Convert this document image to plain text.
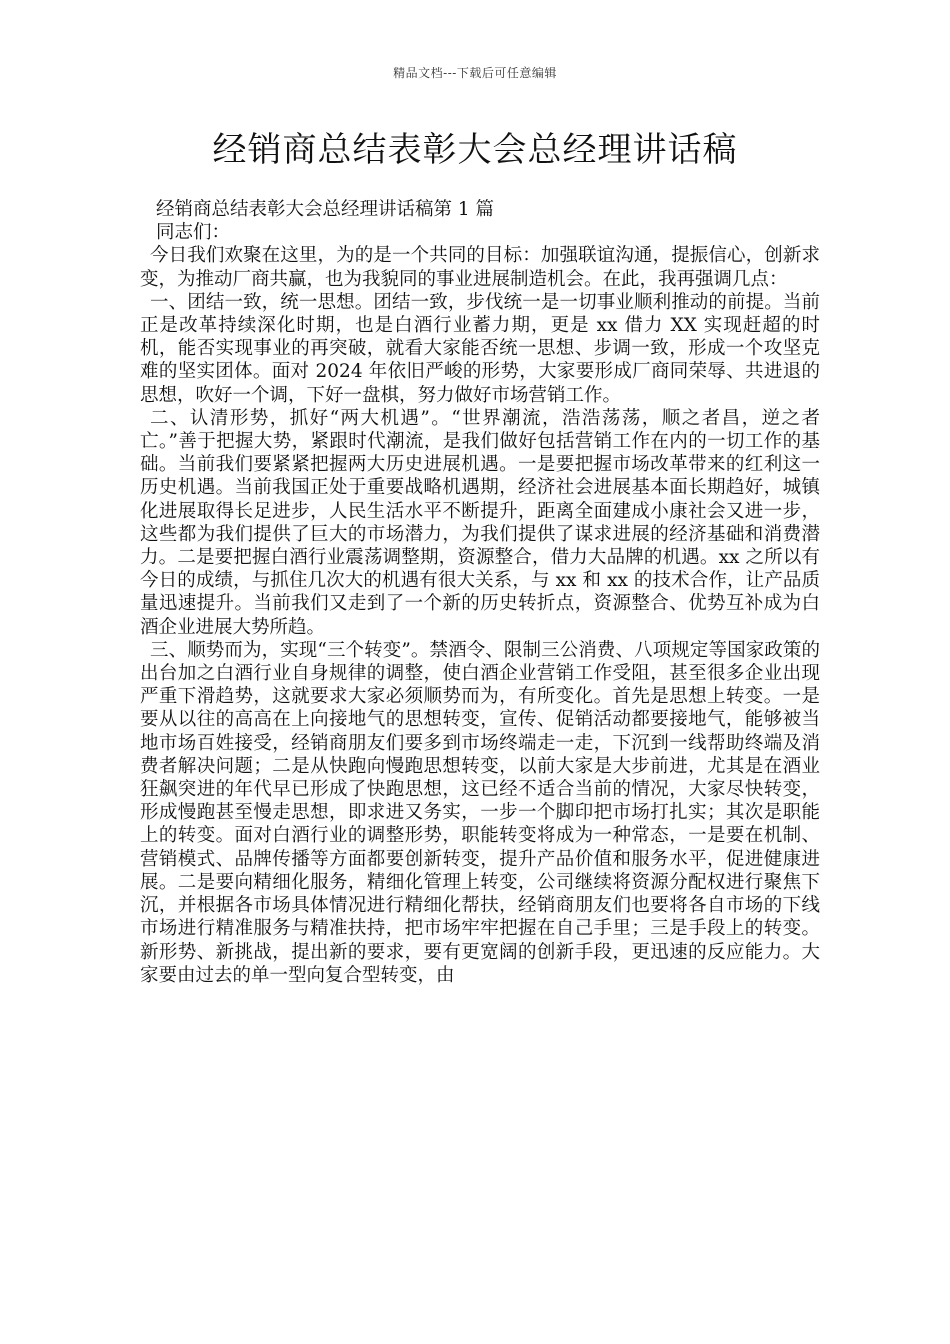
精品文档---下载后可任意编辑
经销商总结表彰大会总经理讲话稿

经销商总结表彰大会总经理讲话稿第 1 篇

同志们：

今日我们欢聚在这里，为的是一个共同的目标：加强联谊沟通，提振信心，创新求变，为推动厂商共赢，也为我貌同的事业进展制造机会。在此，我再强调几点：

一、团结一致，统一思想。团结一致，步伐统一是一切事业顺利推动的前提。当前正是改革持续深化时期，也是白酒行业蓄力期，更是 xx 借力 XX 实现赶超的时机，能否实现事业的再突破，就看大家能否统一思想、步调一致，形成一个攻坚克难的坚实团体。面对 2024 年依旧严峻的形势，大家要形成厂商同荣辱、共进退的思想，吹好一个调，下好一盘棋，努力做好市场营销工作。

二、认清形势，抓好“两大机遇”。“世界潮流，浩浩荡荡，顺之者昌，逆之者亡。”善于把握大势，紧跟时代潮流，是我们做好包括营销工作在内的一切工作的基础。当前我们要紧紧把握两大历史进展机遇。一是要把握市场改革带来的红利这一历史机遇。当前我国正处于重要战略机遇期，经济社会进展基本面长期趋好，城镇化进展取得长足进步，人民生活水平不断提升，距离全面建成小康社会又进一步，这些都为我们提供了巨大的市场潜力，为我们提供了谋求进展的经济基础和消费潜力。二是要把握白酒行业震荡调整期，资源整合，借力大品牌的机遇。xx 之所以有今日的成绩，与抓住几次大的机遇有很大关系，与 xx 和 xx 的技术合作，让产品质量迅速提升。当前我们又走到了一个新的历史转折点，资源整合、优势互补成为白酒企业进展大势所趋。

三、顺势而为，实现“三个转变”。禁酒令、限制三公消费、八项规定等国家政策的出台加之白酒行业自身规律的调整，使白酒企业营销工作受阻，甚至很多企业出现严重下滑趋势，这就要求大家必须顺势而为，有所变化。首先是思想上转变。一是要从以往的高高在上向接地气的思想转变，宣传、促销活动都要接地气，能够被当地市场百姓接受，经销商朋友们要多到市场终端走一走，下沉到一线帮助终端及消费者解决问题；二是从快跑向慢跑思想转变，以前大家是大步前进，尤其是在酒业狂飙突进的年代早已形成了快跑思想，这已经不适合当前的情况，大家尽快转变，形成慢跑甚至慢走思想，即求进又务实，一步一个脚印把市场打扎实；其次是职能上的转变。面对白酒行业的调整形势，职能转变将成为一种常态，一是要在机制、营销模式、品牌传播等方面都要创新转变，提升产品价值和服务水平，促进健康进展。二是要向精细化服务，精细化管理上转变，公司继续将资源分配权进行聚焦下沉，并根据各市场具体情况进行精细化帮扶，经销商朋友们也要将各自市场的下线市场进行精准服务与精准扶持，把市场牢牢把握在自己手里；三是手段上的转变。新形势、新挑战，提出新的要求，要有更宽阔的创新手段，更迅速的反应能力。大家要由过去的单一型向复合型转变，由
